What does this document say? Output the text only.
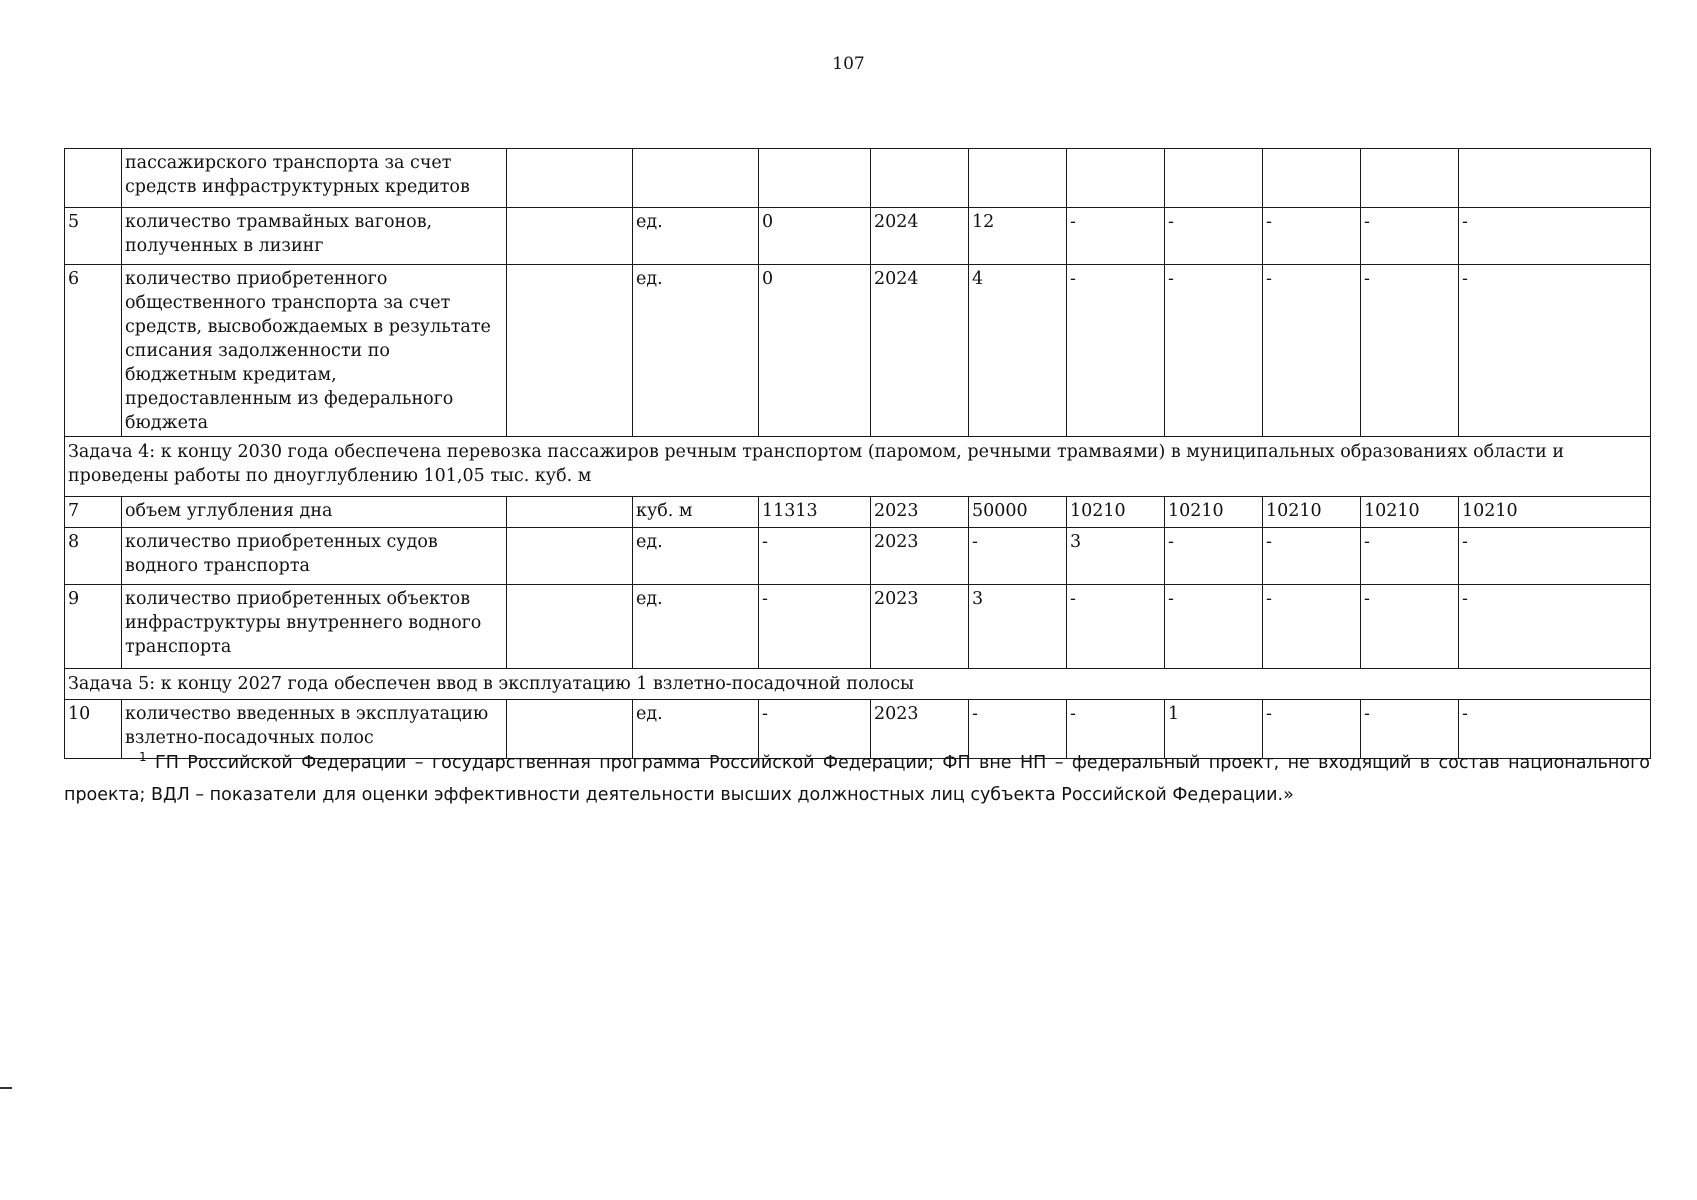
107
	пассажирского транспорта за счет средств инфраструктурных кредитов										
5	количество трамвайных вагонов, полученных в лизинг		ед.	0	2024	12	-	-	-	-	-
6	количество приобретенного общественного транспорта за счет средств, высвобождаемых в результате списания задолженности по бюджетным кредитам, предоставленным из федерального бюджета		ед.	0	2024	4	-	-	-	-	-
Задача 4: к концу 2030 года обеспечена перевозка пассажиров речным транспортом (паромом, речными трамваями) в муниципальных образованиях области и проведены работы по дноуглублению 101,05 тыс. куб. м											
7	объем углубления дна		куб. м	11313	2023	50000	10210	10210	10210	10210	10210
8	количество приобретенных судов водного транспорта		ед.	-	2023	-	3	-	-	-	-
9	количество приобретенных объектов инфраструктуры внутреннего водного транспорта		ед.	-	2023	3	-	-	-	-	-
Задача 5: к концу 2027 года обеспечен ввод в эксплуатацию 1 взлетно-посадочной полосы											
10	количество введенных в эксплуатацию взлетно-посадочных полос		ед.	-	2023	-	-	1	-	-	-
$^1$ ГП Российской Федерации – государственная программа Российской Федерации; ФП вне НП – федеральный проект, не входящий в состав национального проекта; ВДЛ – показатели для оценки эффективности деятельности высших должностных лиц субъекта Российской Федерации.»
